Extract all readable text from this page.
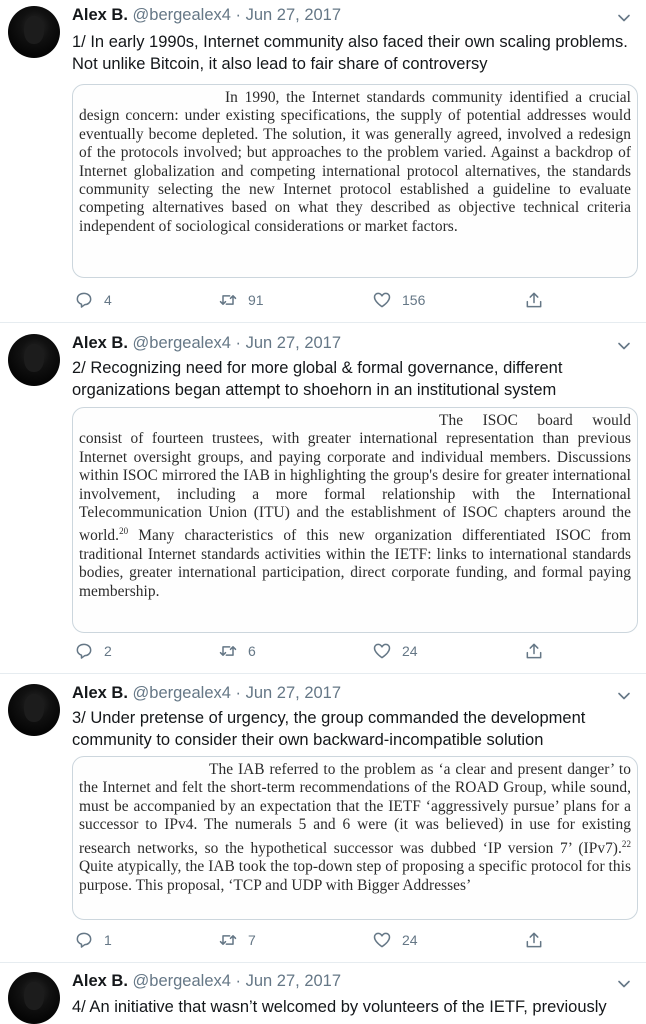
Alex B. @bergealex4 · Jun 27, 2017
1/ In early 1990s, Internet community also faced their own scaling problems. Not unlike Bitcoin, it also lead to fair share of controversy

In 1990, the Internet standards community identified a crucial design concern: under existing specifications, the supply of potential addresses would eventually become depleted. The solution, it was generally agreed, involved a redesign of the protocols involved; but approaches to the problem varied. Against a backdrop of Internet globalization and competing international protocol alternatives, the standards community selecting the new Internet protocol established a guideline to evaluate competing alternatives based on what they described as objective technical criteria independent of sociological considerations or market factors.

4	91	156
Alex B. @bergealex4 · Jun 27, 2017
2/ Recognizing need for more global & formal governance, different organizations began attempt to shoehorn in an institutional system

The ISOC board would consist of fourteen trustees, with greater international representation than previous Internet oversight groups, and paying corporate and individual members. Discussions within ISOC mirrored the IAB in highlighting the group's desire for greater international involvement, including a more formal relationship with the International Telecommunication Union (ITU) and the establishment of ISOC chapters around the world.$^{20}$ Many characteristics of this new organization differentiated ISOC from traditional Internet standards activities within the IETF: links to international standards bodies, greater international participation, direct corporate funding, and formal paying membership.

2	6	24
Alex B. @bergealex4 · Jun 27, 2017
3/ Under pretense of urgency, the group commanded the development community to consider their own backward-incompatible solution

The IAB referred to the problem as ‘a clear and present danger’ to the Internet and felt the short-term recommendations of the ROAD Group, while sound, must be accompanied by an expectation that the IETF ‘aggressively pursue’ plans for a successor to IPv4. The numerals 5 and 6 were (it was believed) in use for existing research networks, so the hypothetical successor was dubbed ‘IP version 7’ (IPv7).$^{22}$ Quite atypically, the IAB took the top-down step of proposing a specific protocol for this purpose. This proposal, ‘TCP and UDP with Bigger Addresses’

1	7	24
Alex B. @bergealex4 · Jun 27, 2017
4/ An initiative that wasn’t welcomed by volunteers of the IETF, previously
